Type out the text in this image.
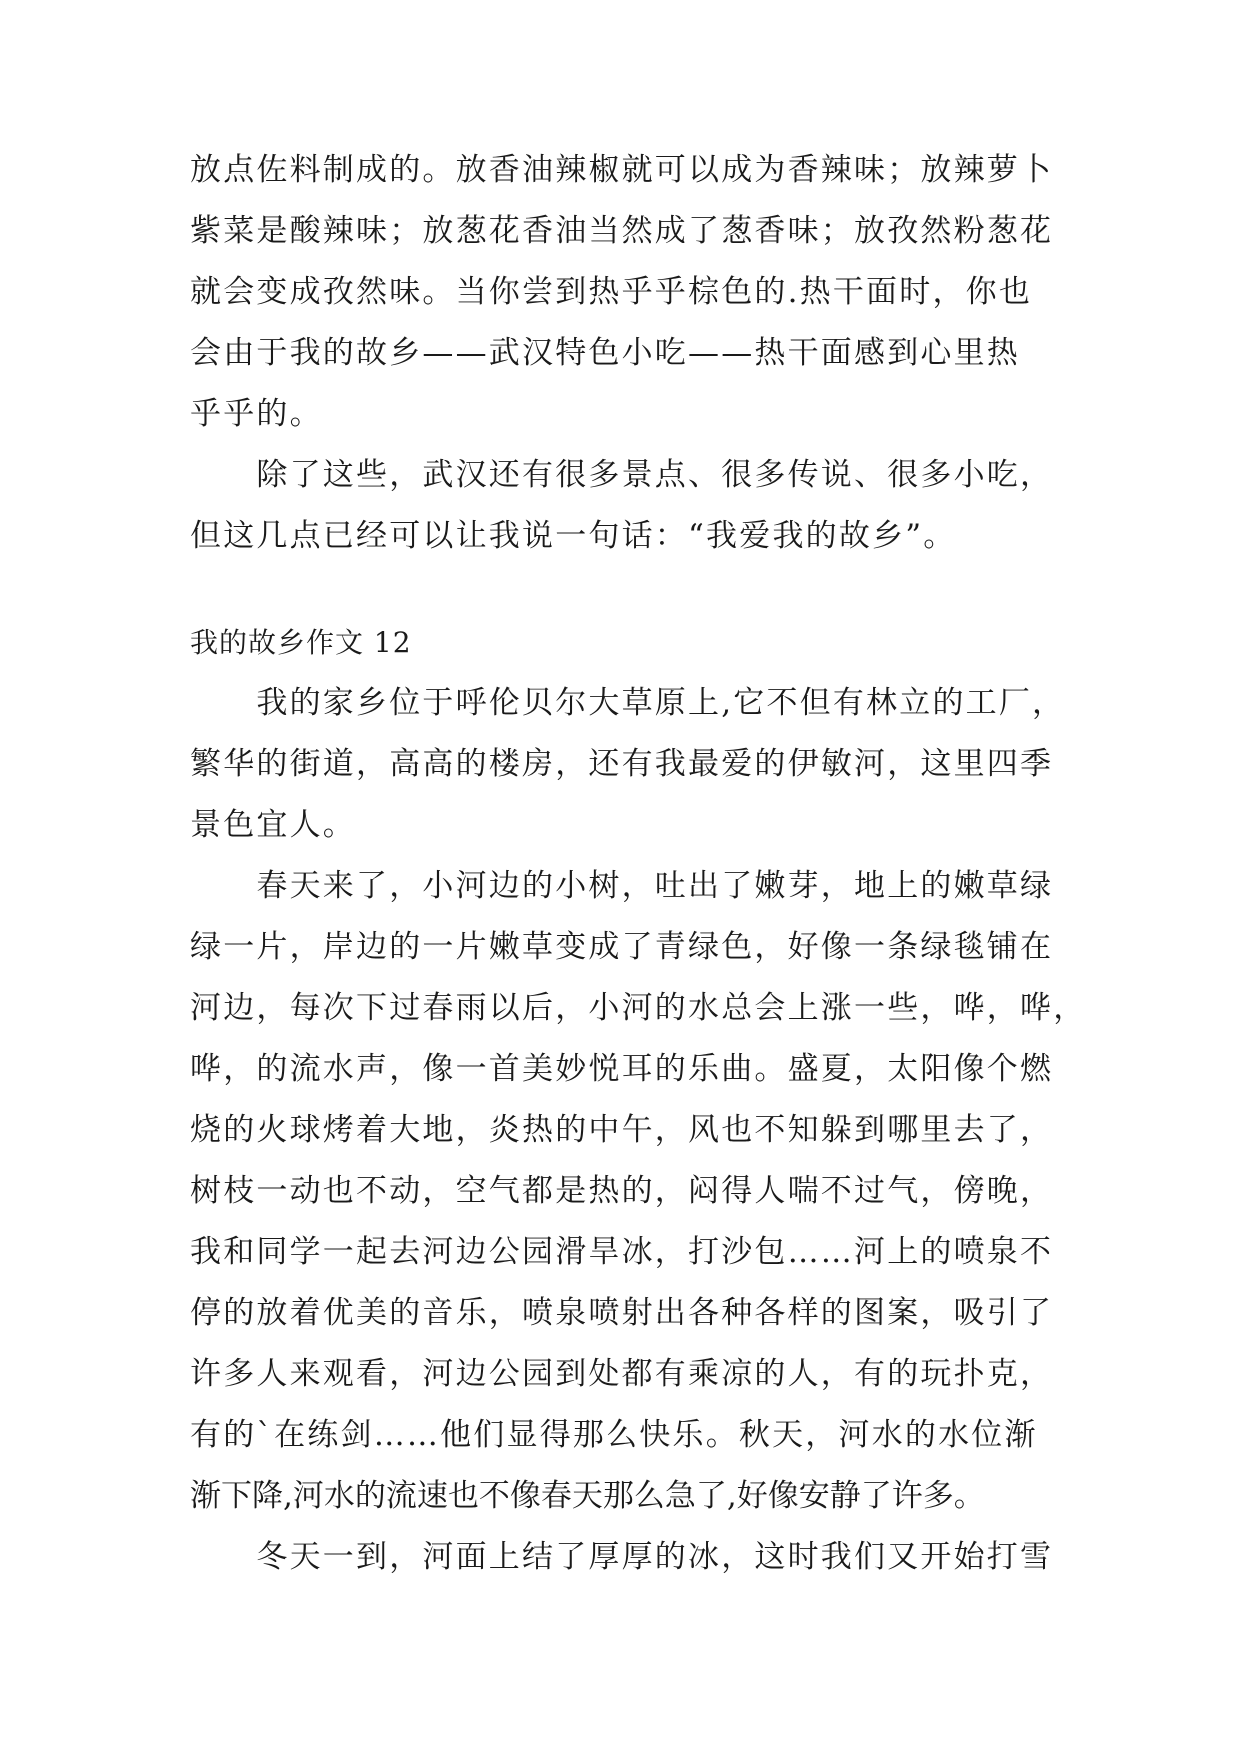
放点佐料制成的。放香油辣椒就可以成为香辣味；放辣萝卜
紫菜是酸辣味；放葱花香油当然成了葱香味；放孜然粉葱花
就会变成孜然味。当你尝到热乎乎棕色的.热干面时，你也
会由于我的故乡——武汉特色小吃——热干面感到心里热
乎乎的。
　　除了这些，武汉还有很多景点、很多传说、很多小吃，
但这几点已经可以让我说一句话：“我爱我的故乡”。
我的故乡作文 12
　　我的家乡位于呼伦贝尔大草原上,它不但有林立的工厂，
繁华的街道，高高的楼房，还有我最爱的伊敏河，这里四季
景色宜人。
　　春天来了，小河边的小树，吐出了嫩芽，地上的嫩草绿
绿一片，岸边的一片嫩草变成了青绿色，好像一条绿毯铺在
河边，每次下过春雨以后，小河的水总会上涨一些，哗，哗，
哗，的流水声，像一首美妙悦耳的乐曲。盛夏，太阳像个燃
烧的火球烤着大地，炎热的中午，风也不知躲到哪里去了，
树枝一动也不动，空气都是热的，闷得人喘不过气，傍晚，
我和同学一起去河边公园滑旱冰，打沙包……河上的喷泉不
停的放着优美的音乐，喷泉喷射出各种各样的图案，吸引了
许多人来观看，河边公园到处都有乘凉的人，有的玩扑克，
有的`在练剑……他们显得那么快乐。秋天，河水的水位渐
渐下降,河水的流速也不像春天那么急了,好像安静了许多。
　　冬天一到，河面上结了厚厚的冰，这时我们又开始打雪
